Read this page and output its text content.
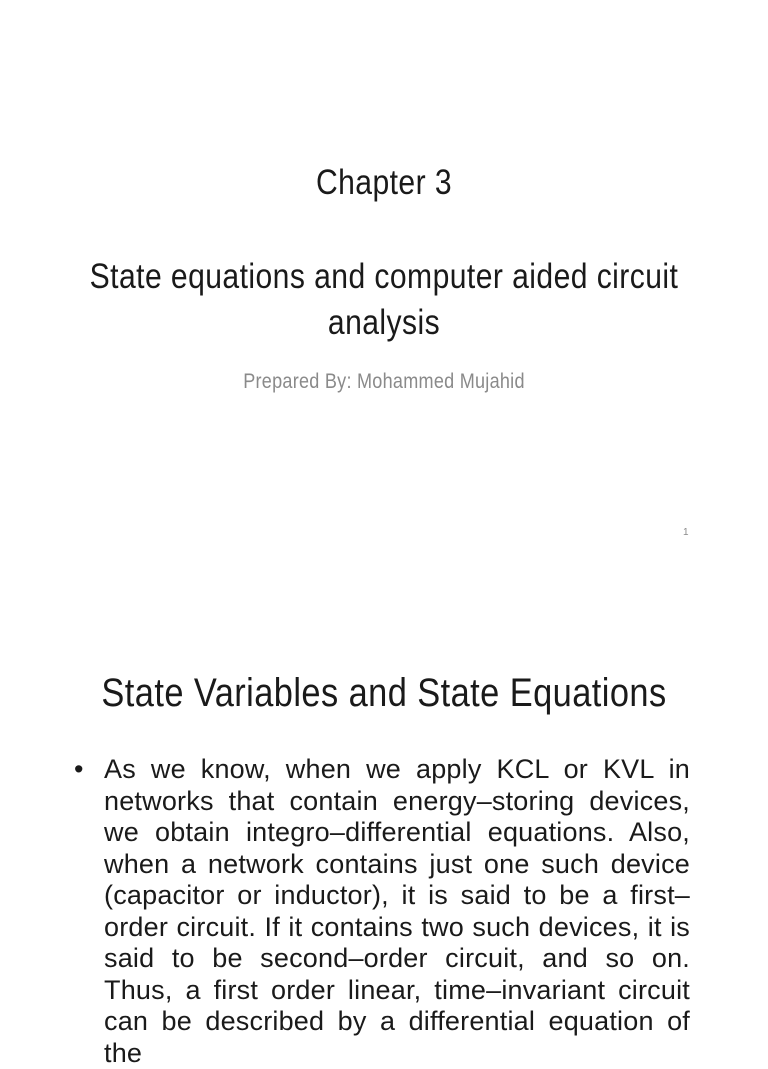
Chapter 3
State equations and computer aided circuit analysis
Prepared By: Mohammed Mujahid
1
State Variables and State Equations
• As we know, when we apply KCL or KVL in networks that contain energy–storing devices, we obtain integro–differential equations. Also, when a network contains just one such device (capacitor or inductor), it is said to be a first–order circuit. If it contains two such devices, it is said to be second–order circuit, and so on. Thus, a first order linear, time–invariant circuit can be described by a differential equation of the
